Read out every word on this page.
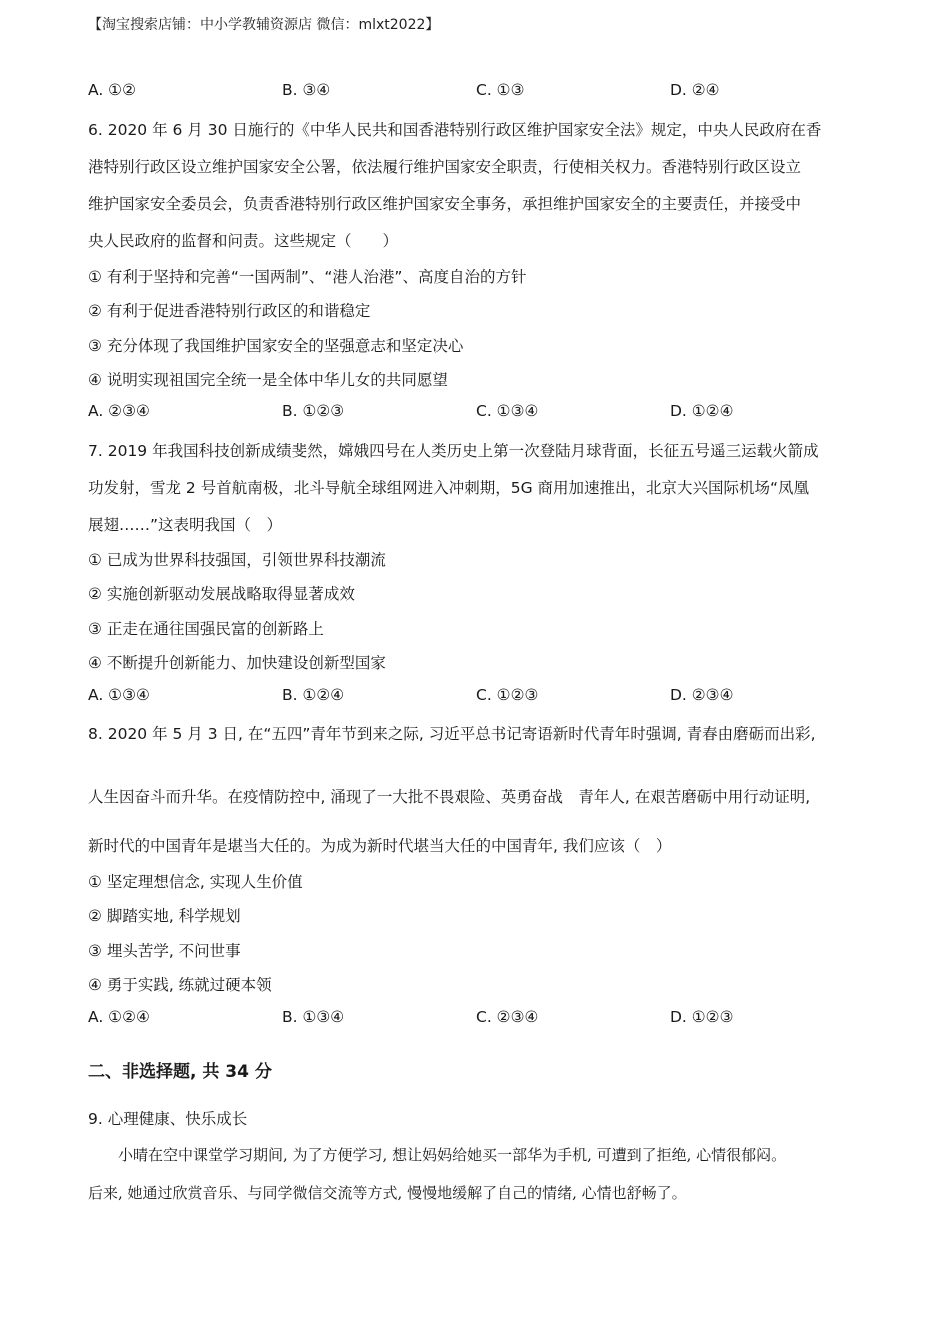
【淘宝搜索店铺：中小学教辅资源店 微信：mlxt2022】
A. ①②	B. ③④	C. ①③	D. ②④
6. 2020 年 6 月 30 日施行的《中华人民共和国香港特别行政区维护国家安全法》规定，中央人民政府在香
港特别行政区设立维护国家安全公署，依法履行维护国家安全职责，行使相关权力。香港特别行政区设立
维护国家安全委员会，负责香港特别行政区维护国家安全事务，承担维护国家安全的主要责任，并接受中
央人民政府的监督和问责。这些规定（　　）
① 有利于坚持和完善“一国两制”、“港人治港”、高度自治的方针
② 有利于促进香港特别行政区的和谐稳定
③ 充分体现了我国维护国家安全的坚强意志和坚定决心
④ 说明实现祖国完全统一是全体中华儿女的共同愿望
A. ②③④	B. ①②③	C. ①③④	D. ①②④
7. 2019 年我国科技创新成绩斐然，嫦娥四号在人类历史上第一次登陆月球背面，长征五号遥三运载火箭成
功发射，雪龙 2 号首航南极，北斗导航全球组网进入冲刺期，5G 商用加速推出，北京大兴国际机场“凤凰
展翅……”这表明我国（　）
① 已成为世界科技强国，引领世界科技潮流
② 实施创新驱动发展战略取得显著成效
③ 正走在通往国强民富的创新路上
④ 不断提升创新能力、加快建设创新型国家
A. ①③④	B. ①②④	C. ①②③	D. ②③④
8. 2020 年 5 月 3 日, 在“五四”青年节到来之际, 习近平总书记寄语新时代青年时强调, 青春由磨砺而出彩,
人生因奋斗而升华。在疫情防控中, 涌现了一大批不畏艰险、英勇奋战　青年人, 在艰苦磨砺中用行动证明,
新时代的中国青年是堪当大任的。为成为新时代堪当大任的中国青年, 我们应该（　）
① 坚定理想信念, 实现人生价值
② 脚踏实地, 科学规划
③ 埋头苦学, 不问世事
④ 勇于实践, 练就过硬本领
A. ①②④	B. ①③④	C. ②③④	D. ①②③
二、非选择题, 共 34 分
9. 心理健康、快乐成长
小晴在空中课堂学习期间, 为了方便学习, 想让妈妈给她买一部华为手机, 可遭到了拒绝, 心情很郁闷。
后来, 她通过欣赏音乐、与同学微信交流等方式, 慢慢地缓解了自己的情绪, 心情也舒畅了。
